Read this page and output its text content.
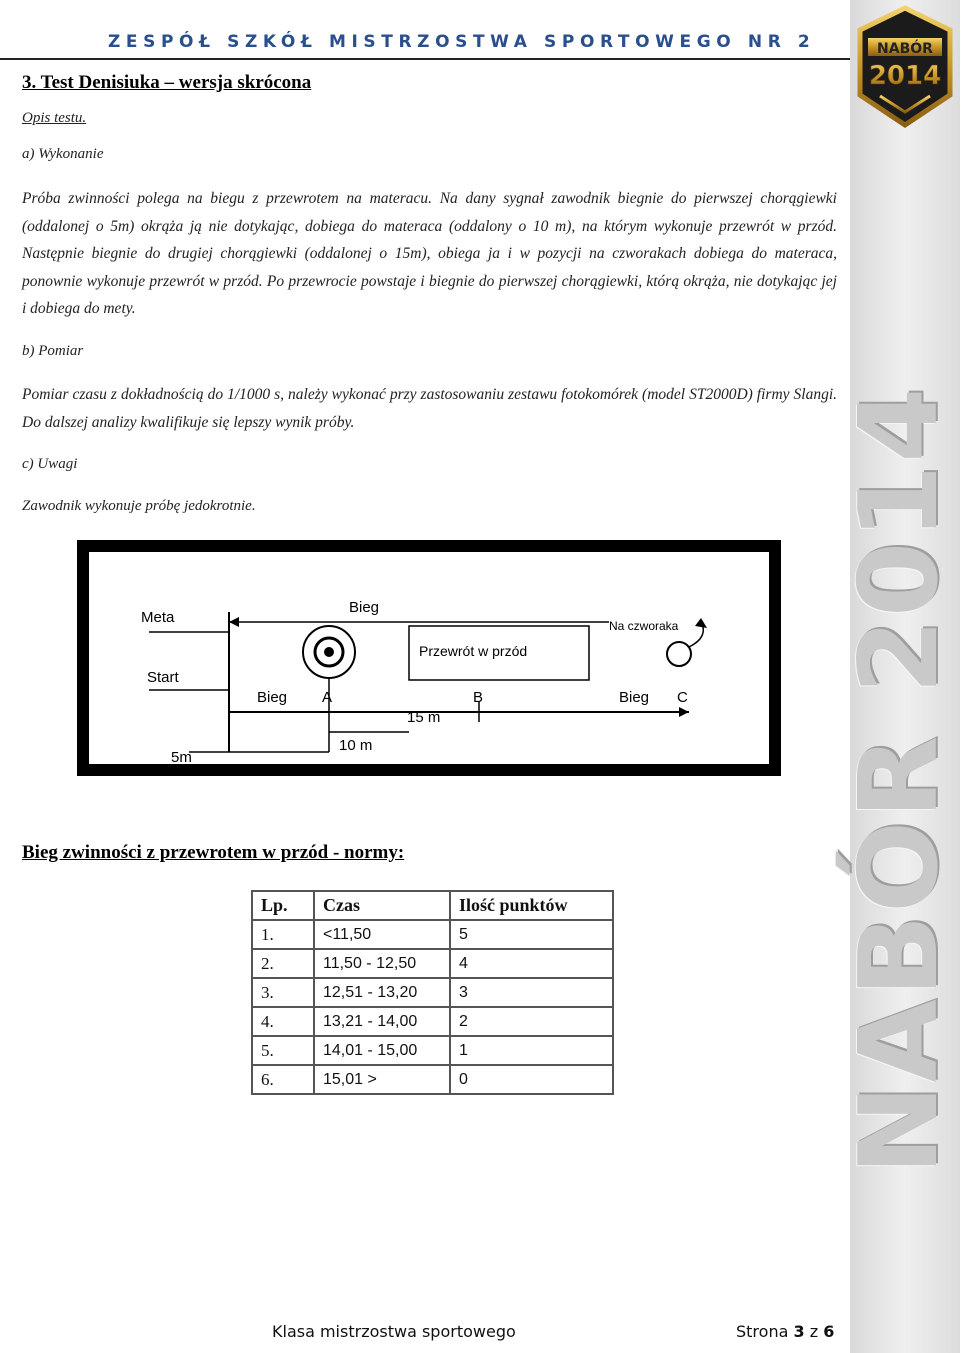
ZESPÓŁ SZKÓŁ MISTRZOSTWA SPORTOWEGO NR 2	NABÓR
2014
NABÓR 2014
3. Test Denisiuka – wersja skrócona
Opis testu.
a) Wykonanie
Próba zwinności polega na biegu z przewrotem na materacu. Na dany sygnał zawodnik biegnie do pierwszej chorągiewki (oddalonej o 5m) okrąża ją nie dotykając, dobiega do materaca (oddalony o 10 m), na którym wykonuje przewrót w przód. Następnie biegnie do drugiej chorągiewki (oddalonej o 15m), obiega ja i w pozycji na czworakach dobiega do materaca, ponownie wykonuje przewrót w przód. Po przewrocie powstaje i biegnie do pierwszej chorągiewki, którą okrąża, nie dotykając jej i dobiega do mety.
b) Pomiar
Pomiar czasu z dokładnością do 1/1000 s, należy wykonać przy zastosowaniu zestawu fotokomórek (model ST2000D) firmy Slangi. Do dalszej analizy kwalifikuje się lepszy wynik próby.
c) Uwagi
Zawodnik wykonuje próbę jedokrotnie.
Meta
Start
Bieg
Przewrót w przód
Na czworaka
Bieg A	B	Bieg C
15 m
10 m
5m
Bieg zwinności z przewrotem w przód - normy:
Lp.	Czas	Ilość punktów
1.	<11,50	5
2.	11,50 - 12,50	4
3.	12,51 - 13,20	3
4.	13,21 - 14,00	2
5.	14,01 - 15,00	1
6.	15,01 >	0
Klasa mistrzostwa sportowego	Strona 3 z 6
